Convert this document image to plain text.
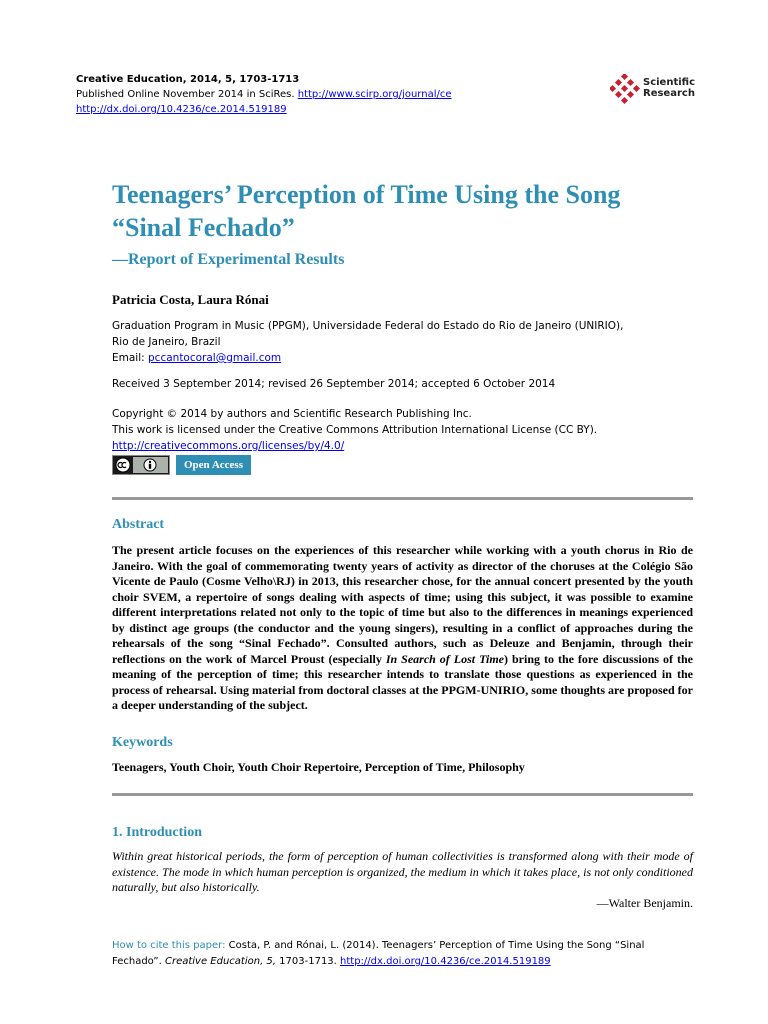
Creative Education, 2014, 5, 1703-1713
Published Online November 2014 in SciRes. http://www.scirp.org/journal/ce
http://dx.doi.org/10.4236/ce.2014.519189
Scientific
Research
Teenagers’ Perception of Time Using the Song “Sinal Fechado”
—Report of Experimental Results
Patricia Costa, Laura Rónai
Graduation Program in Music (PPGM), Universidade Federal do Estado do Rio de Janeiro (UNIRIO),
Rio de Janeiro, Brazil
Email: pccantocoral@gmail.com
Received 3 September 2014; revised 26 September 2014; accepted 6 October 2014
Copyright © 2014 by authors and Scientific Research Publishing Inc.
This work is licensed under the Creative Commons Attribution International License (CC BY).
http://creativecommons.org/licenses/by/4.0/
Open Access
Abstract

The present article focuses on the experiences of this researcher while working with a youth chorus in Rio de Janeiro. With the goal of commemorating twenty years of activity as director of the choruses at the Colégio São Vicente de Paulo (Cosme Velho\RJ) in 2013, this researcher chose, for the annual concert presented by the youth choir SVEM, a repertoire of songs dealing with aspects of time; using this subject, it was possible to examine different interpretations related not only to the topic of time but also to the differences in meanings experienced by distinct age groups (the conductor and the young singers), resulting in a conflict of approaches during the rehearsals of the song “Sinal Fechado”. Consulted authors, such as Deleuze and Benjamin, through their reflections on the work of Marcel Proust (especially In Search of Lost Time) bring to the fore discussions of the meaning of the perception of time; this researcher intends to translate those questions as experienced in the process of rehearsal. Using material from doctoral classes at the PPGM-UNIRIO, some thoughts are proposed for a deeper understanding of the subject.

Keywords
Teenagers, Youth Choir, Youth Choir Repertoire, Perception of Time, Philosophy
1. Introduction

Within great historical periods, the form of perception of human collectivities is transformed along with their mode of existence. The mode in which human perception is organized, the medium in which it takes place, is not only conditioned naturally, but also historically.

—Walter Benjamin.
How to cite this paper: Costa, P. and Rónai, L. (2014). Teenagers’ Perception of Time Using the Song “Sinal Fechado”. Creative Education, 5, 1703-1713. http://dx.doi.org/10.4236/ce.2014.519189
